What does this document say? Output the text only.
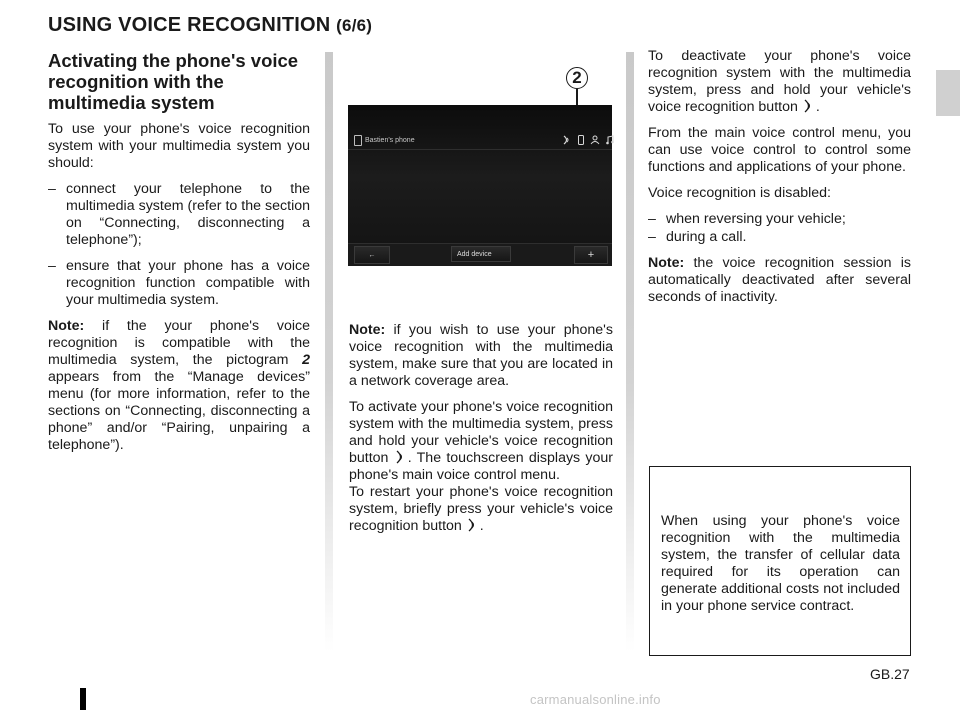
USING VOICE RECOGNITION (6/6)
Activating the phone's voice recognition with the multimedia system

To use your phone's voice recognition system with your multimedia system you should:

– connect your telephone to the multimedia system (refer to the section on “Connecting, disconnecting a telephone”);
– ensure that your phone has a voice recognition function compatible with your multimedia system.

Note: if the your phone's voice recognition is compatible with the multimedia system, the pictogram 2 appears from the “Manage devices” menu (for more information, refer to the sections on “Connecting, disconnecting a phone” and/or “Pairing, unpairing a telephone”).

2
Bastien's phone
←	Add device	+

Note: if you wish to use your phone's voice recognition with the multimedia system, make sure that you are located in a network coverage area.

To activate your phone's voice recognition system with the multimedia system, press and hold your vehicle's voice recognition button . The touchscreen displays your phone's main voice control menu.

To restart your phone's voice recognition system, briefly press your vehicle's voice recognition button .

To deactivate your phone's voice recognition system with the multimedia system, press and hold your vehicle's voice recognition button .

From the main voice control menu, you can use voice control to control some functions and applications of your phone.

Voice recognition is disabled:

– when reversing your vehicle;
– during a call.

Note: the voice recognition session is automatically deactivated after several seconds of inactivity.

When using your phone's voice recognition with the multimedia system, the transfer of cellular data required for its operation can generate additional costs not included in your phone service contract.
GB.27
carmanualsonline.info
